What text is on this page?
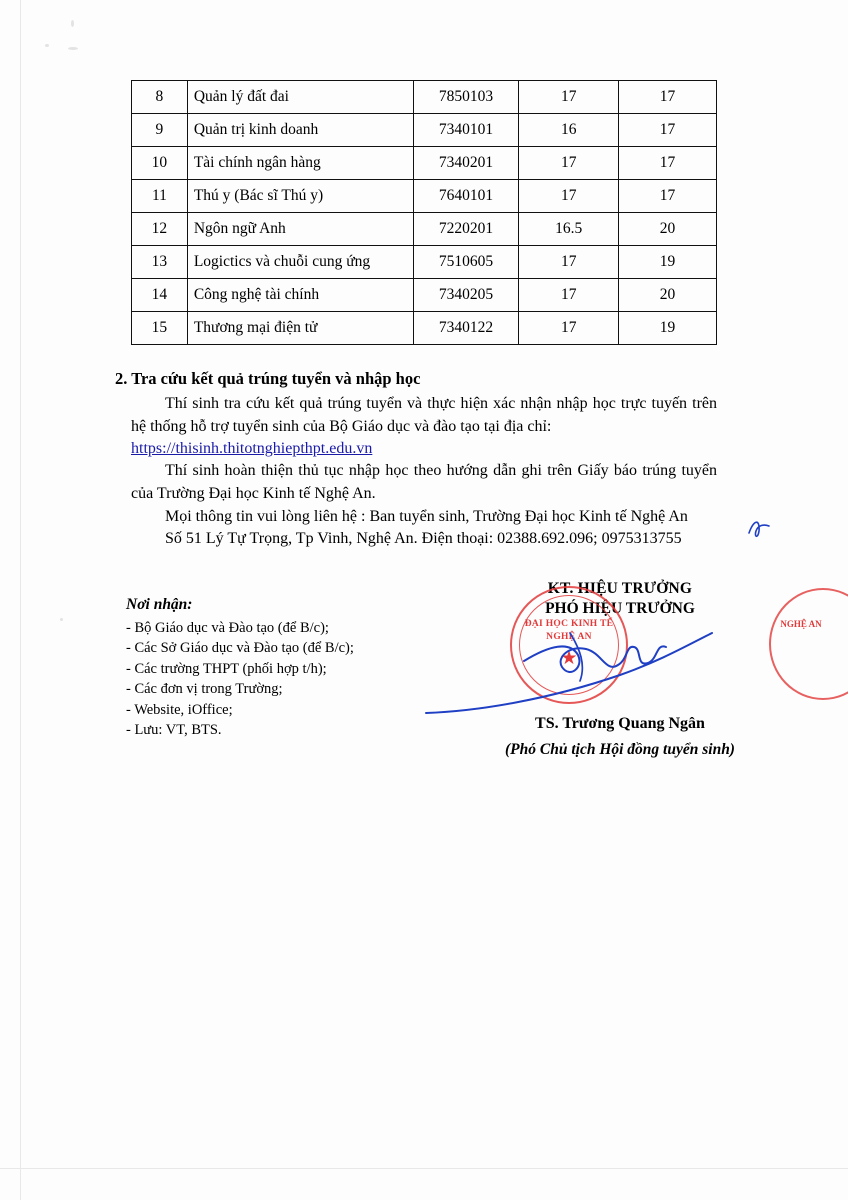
8	Quản lý đất đai	7850103	17	17
9	Quản trị kinh doanh	7340101	16	17
10	Tài chính ngân hàng	7340201	17	17
11	Thú y (Bác sĩ Thú y)	7640101	17	17
12	Ngôn ngữ Anh	7220201	16.5	20
13	Logictics và chuỗi cung ứng	7510605	17	19
14	Công nghệ tài chính	7340205	17	20
15	Thương mại điện tử	7340122	17	19
2. Tra cứu kết quả trúng tuyển và nhập học
Thí sinh tra cứu kết quả trúng tuyển và thực hiện xác nhận nhập học trực tuyến trên hệ thống hỗ trợ tuyển sinh của Bộ Giáo dục và đào tạo tại địa chỉ:
https://thisinh.thitotnghiepthpt.edu.vn
Thí sinh hoàn thiện thủ tục nhập học theo hướng dẫn ghi trên Giấy báo trúng tuyển của Trường Đại học Kinh tế Nghệ An.
Mọi thông tin vui lòng liên hệ : Ban tuyển sinh, Trường Đại học Kinh tế Nghệ An
Số 51 Lý Tự Trọng, Tp Vinh, Nghệ An. Điện thoại: 02388.692.096; 0975313755
Nơi nhận:
- Bộ Giáo dục và Đào tạo (để B/c);
- Các Sở Giáo dục và Đào tạo (để B/c);
- Các trường THPT (phối hợp t/h);
- Các đơn vị trong Trường;
- Website, iOffice;
- Lưu: VT, BTS.
KT. HIỆU TRƯỞNG
PHÓ HIỆU TRƯỞNG
TS. Trương Quang Ngân
(Phó Chủ tịch Hội đồng tuyển sinh)
ĐẠI HỌC KINH TẾ
NGHỆ AN
★
NGHỆ AN
